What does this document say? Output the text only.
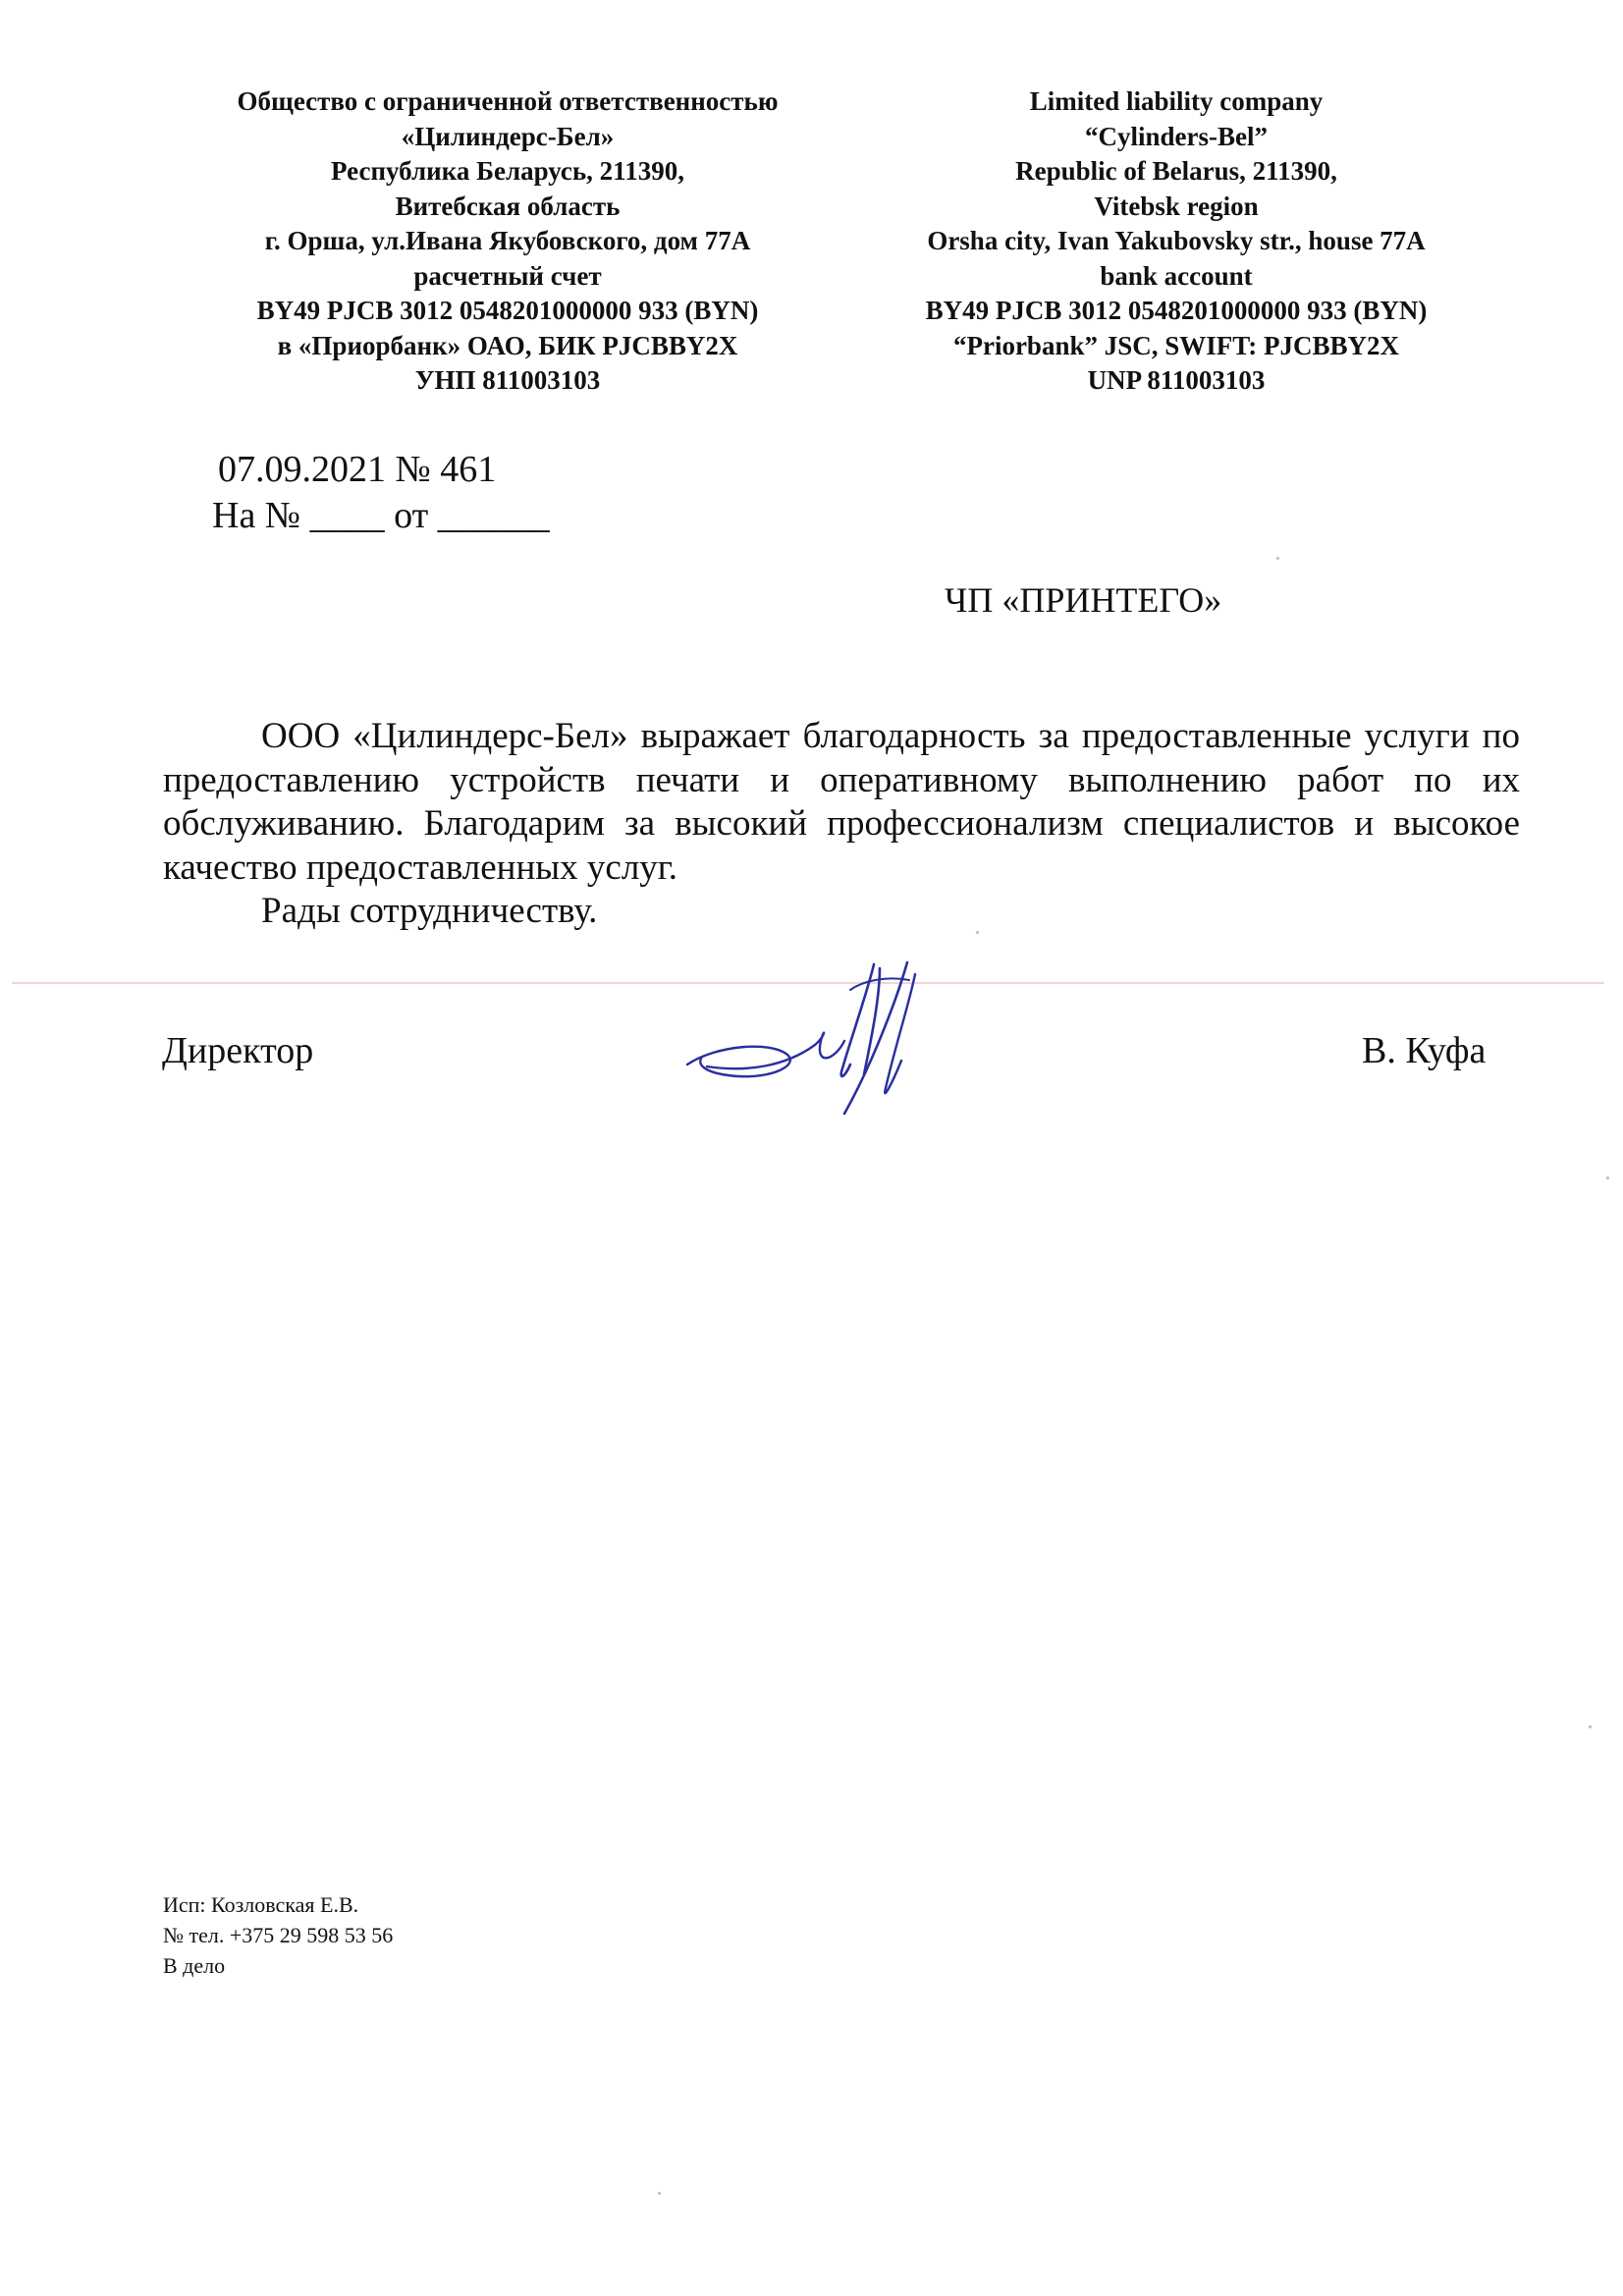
Общество с ограниченной ответственностью
«Цилиндерс-Бел»
Республика Беларусь, 211390,
Витебская область
г. Орша, ул.Ивана Якубовского, дом 77А
расчетный счет
BY49 PJCB 3012 0548201000000 933 (BYN)
в «Приорбанк» ОАО, БИК PJCBBY2X
УНП 811003103
Limited liability company
“Cylinders-Bel”
Republic of Belarus, 211390,
Vitebsk region
Orsha city, Ivan Yakubovsky str., house 77A
bank account
BY49 PJCB 3012 0548201000000 933 (BYN)
“Priorbank” JSC, SWIFT: PJCBBY2X
UNP 811003103
07.09.2021 № 461
На № ____ от ______
ЧП «ПРИНТЕГО»

ООО «Цилиндерс-Бел» выражает благодарность за предоставленные услуги по предоставлению устройств печати и оперативному выполнению работ по их обслуживанию. Благодарим за высокий профессионализм специалистов и высокое качество предоставленных услуг.

Рады сотрудничеству.

Директор	В. Куфа
Исп: Козловская Е.В.
№ тел. +375 29 598 53 56
В дело
